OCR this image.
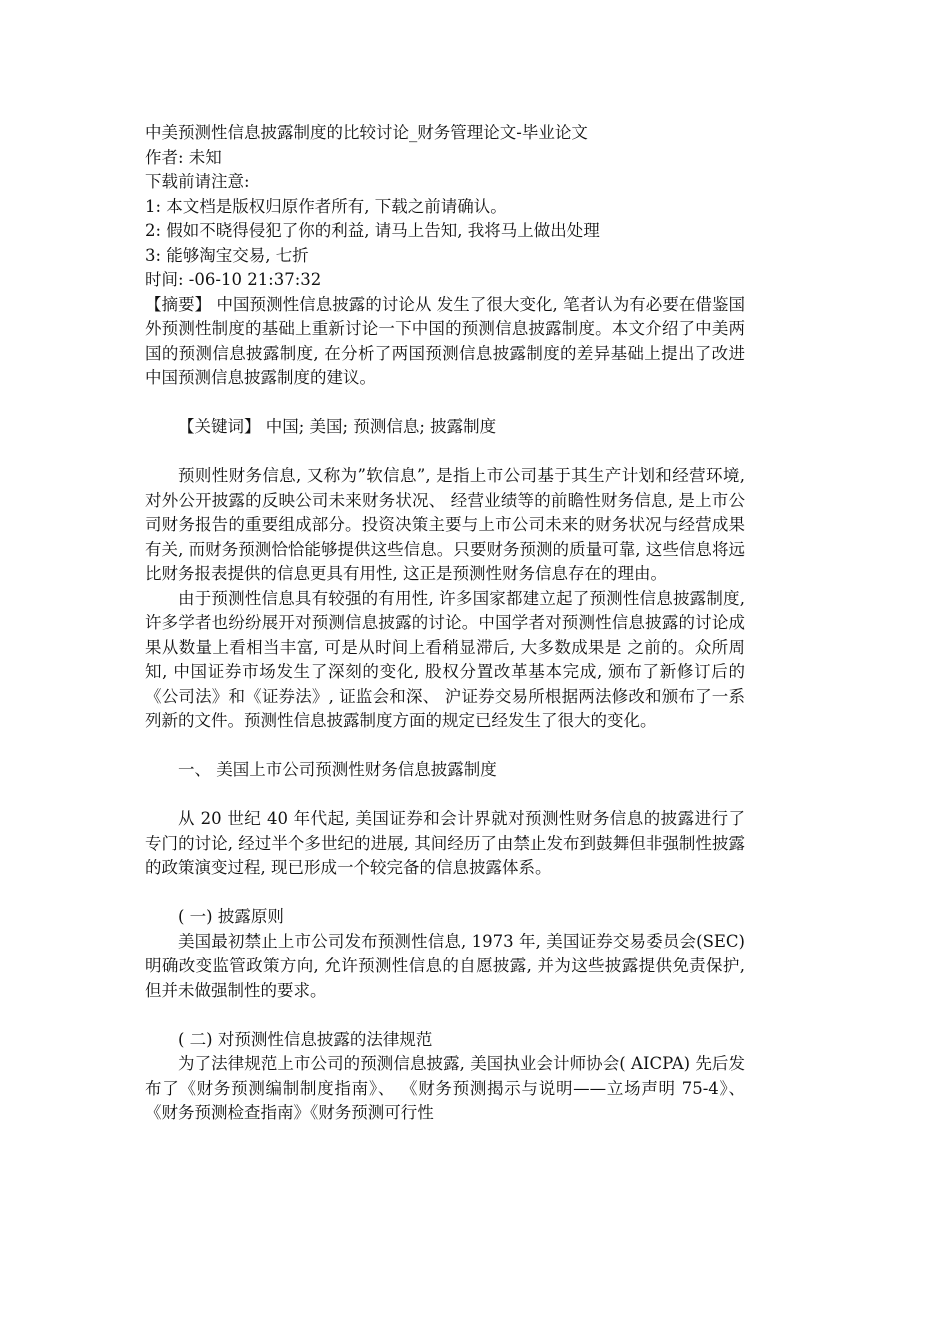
中美预测性信息披露制度的比较讨论_财务管理论文-毕业论文

作者: 未知

下载前请注意:

1: 本文档是版权归原作者所有, 下载之前请确认。

2: 假如不晓得侵犯了你的利益, 请马上告知, 我将马上做出处理

3: 能够淘宝交易, 七折

时间: -06-10 21:37:32

【摘要】 中国预测性信息披露的讨论从 发生了很大变化, 笔者认为有必要在借鉴国外预测性制度的基础上重新讨论一下中国的预测信息披露制度。本文介绍了中美两国的预测信息披露制度, 在分析了两国预测信息披露制度的差异基础上提出了改进中国预测信息披露制度的建议。

【关键词】 中国; 美国; 预测信息; 披露制度

预则性财务信息, 又称为”软信息”, 是指上市公司基于其生产计划和经营环境, 对外公开披露的反映公司未来财务状况、 经营业绩等的前瞻性财务信息, 是上市公司财务报告的重要组成部分。投资决策主要与上市公司未来的财务状况与经营成果有关, 而财务预测恰恰能够提供这些信息。只要财务预测的质量可靠, 这些信息将远比财务报表提供的信息更具有用性, 这正是预测性财务信息存在的理由。

由于预测性信息具有较强的有用性, 许多国家都建立起了预测性信息披露制度, 许多学者也纷纷展开对预测信息披露的讨论。中国学者对预测性信息披露的讨论成果从数量上看相当丰富, 可是从时间上看稍显滞后, 大多数成果是 之前的。众所周知, 中国证券市场发生了深刻的变化, 股权分置改革基本完成, 颁布了新修订后的《公司法》和《证券法》, 证监会和深、 沪证券交易所根据两法修改和颁布了一系列新的文件。预测性信息披露制度方面的规定已经发生了很大的变化。

一、 美国上市公司预测性财务信息披露制度

从 20 世纪 40 年代起, 美国证券和会计界就对预测性财务信息的披露进行了专门的讨论, 经过半个多世纪的进展, 其间经历了由禁止发布到鼓舞但非强制性披露的政策演变过程, 现已形成一个较完备的信息披露体系。

( 一) 披露原则

美国最初禁止上市公司发布预测性信息, 1973 年, 美国证券交易委员会(SEC)明确改变监管政策方向, 允许预测性信息的自愿披露, 并为这些披露提供免责保护, 但并未做强制性的要求。

( 二) 对预测性信息披露的法律规范

为了法律规范上市公司的预测信息披露, 美国执业会计师协会( AICPA) 先后发布了《财务预测编制制度指南》、 《财务预测揭示与说明——立场声明 75-4》、 《财务预测检查指南》《财务预测可行性
